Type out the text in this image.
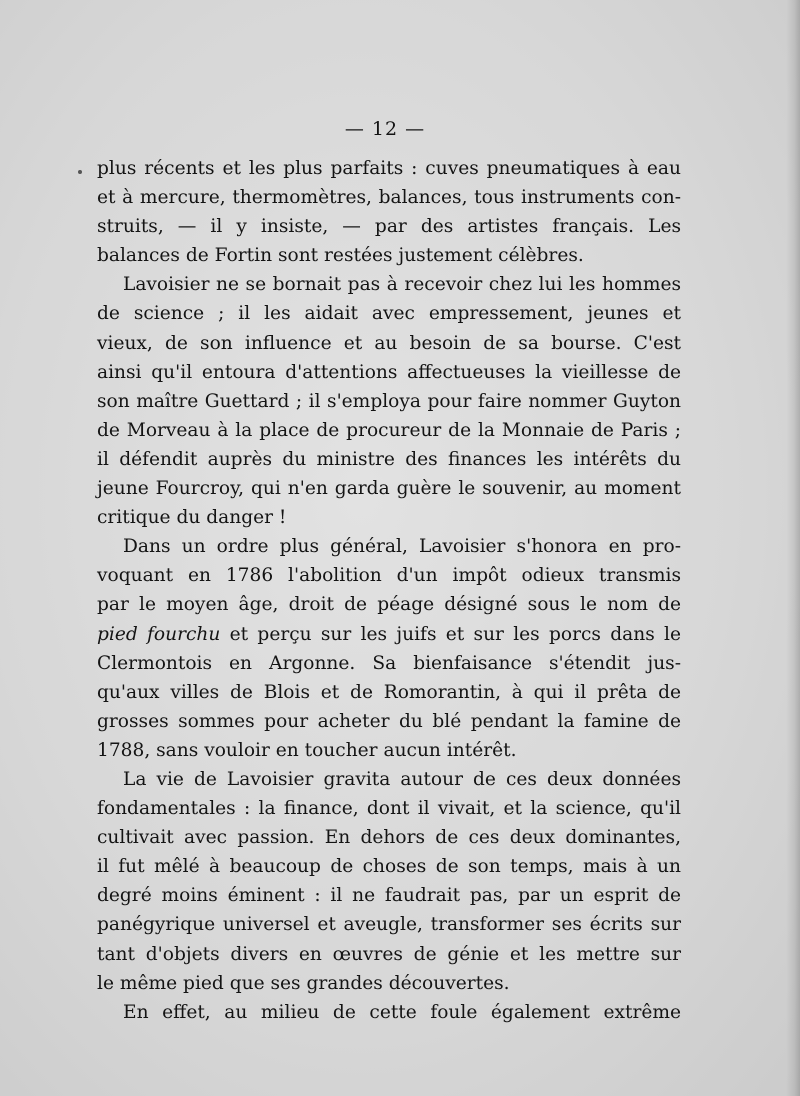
— 12 —
plus récents et les plus parfaits : cuves pneumatiques à eau
et à mercure, thermomètres, balances, tous instruments con-
struits, — il y insiste, — par des artistes français. Les
balances de Fortin sont restées justement célèbres.
Lavoisier ne se bornait pas à recevoir chez lui les hommes
de science ; il les aidait avec empressement, jeunes et
vieux, de son influence et au besoin de sa bourse. C'est
ainsi qu'il entoura d'attentions affectueuses la vieillesse de
son maître Guettard ; il s'employa pour faire nommer Guyton
de Morveau à la place de procureur de la Monnaie de Paris ;
il défendit auprès du ministre des finances les intérêts du
jeune Fourcroy, qui n'en garda guère le souvenir, au moment
critique du danger !
Dans un ordre plus général, Lavoisier s'honora en pro-
voquant en 1786 l'abolition d'un impôt odieux transmis
par le moyen âge, droit de péage désigné sous le nom de
pied fourchu et perçu sur les juifs et sur les porcs dans le
Clermontois en Argonne. Sa bienfaisance s'étendit jus-
qu'aux villes de Blois et de Romorantin, à qui il prêta de
grosses sommes pour acheter du blé pendant la famine de
1788, sans vouloir en toucher aucun intérêt.
La vie de Lavoisier gravita autour de ces deux données
fondamentales : la finance, dont il vivait, et la science, qu'il
cultivait avec passion. En dehors de ces deux dominantes,
il fut mêlé à beaucoup de choses de son temps, mais à un
degré moins éminent : il ne faudrait pas, par un esprit de
panégyrique universel et aveugle, transformer ses écrits sur
tant d'objets divers en œuvres de génie et les mettre sur
le même pied que ses grandes découvertes.
En effet, au milieu de cette foule également extrême
